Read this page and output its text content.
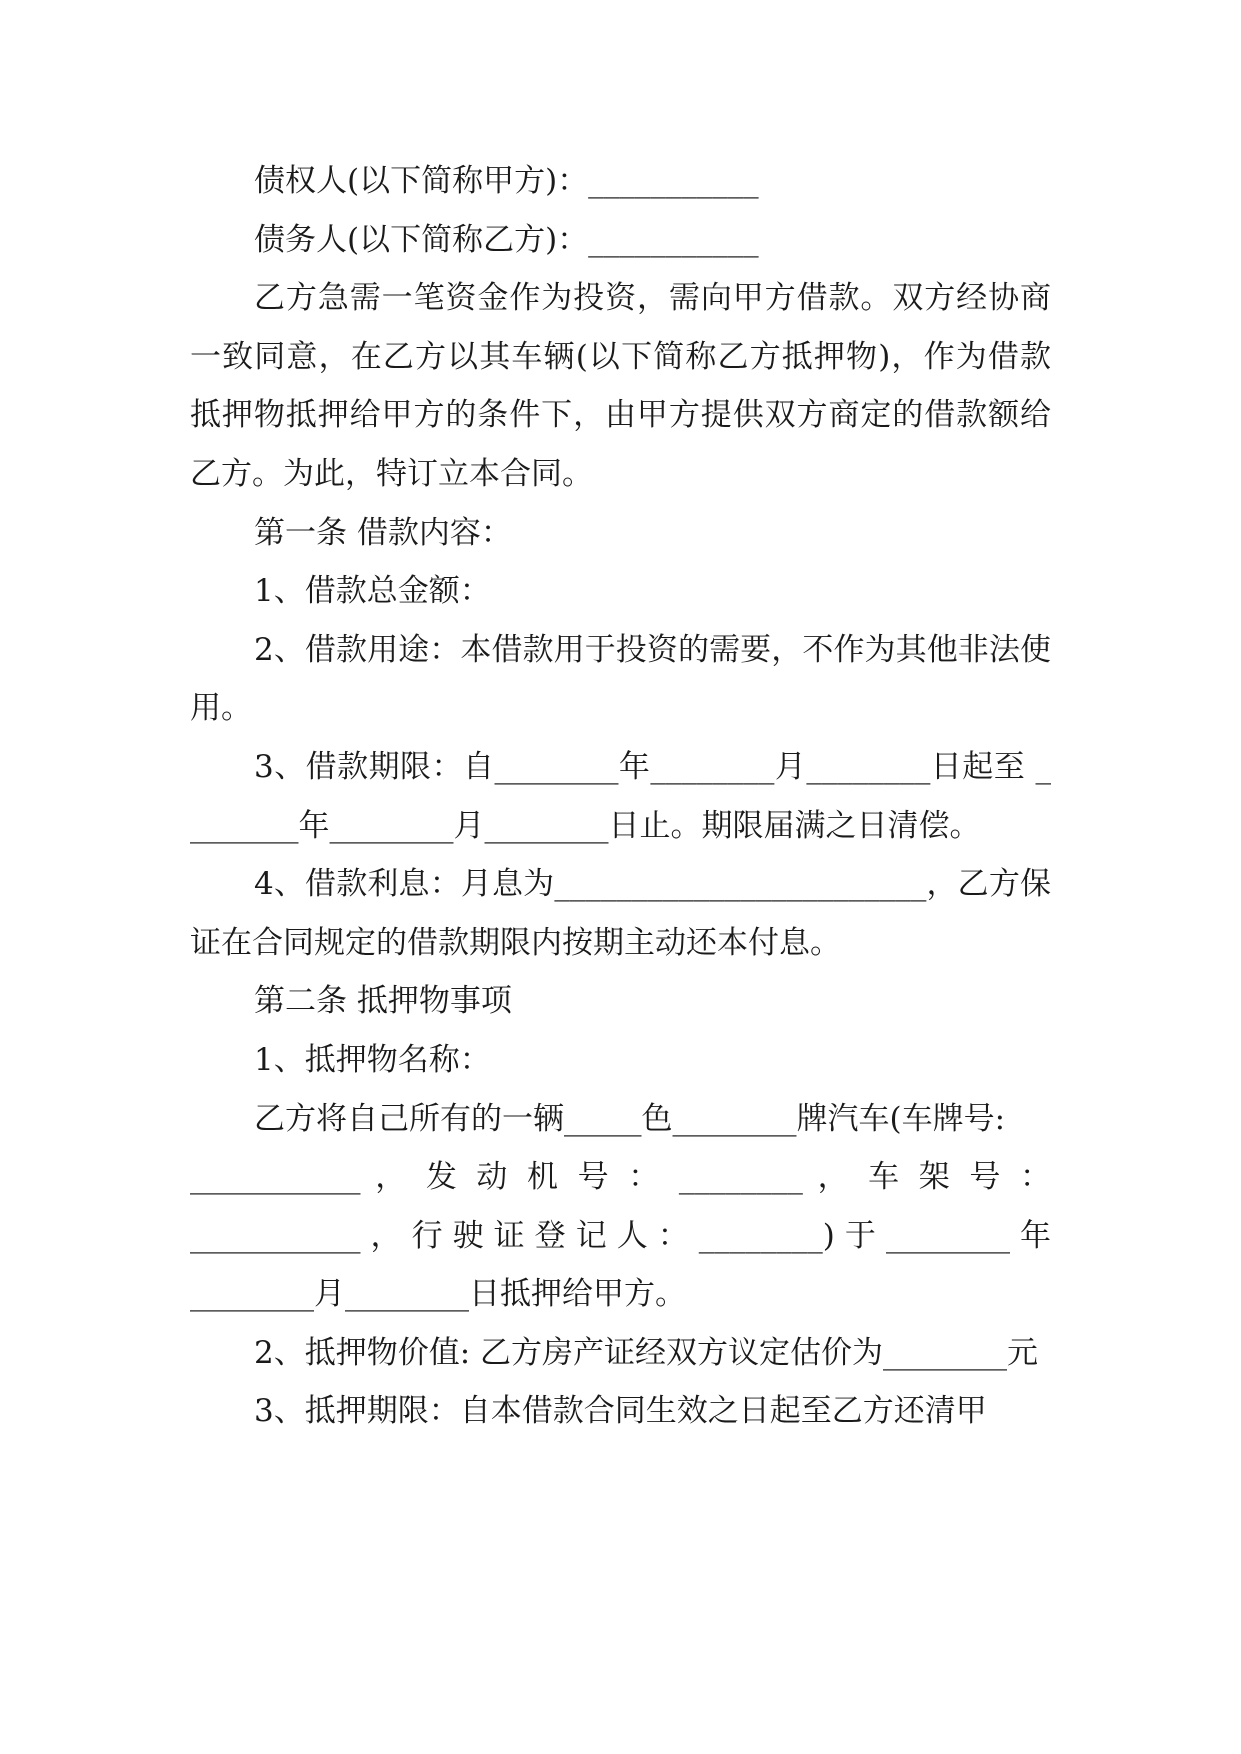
债权人(以下简称甲方)：___________

债务人(以下简称乙方)：___________

乙方急需一笔资金作为投资，需向甲方借款。双方经协商一致同意，在乙方以其车辆(以下简称乙方抵押物)，作为借款抵押物抵押给甲方的条件下，由甲方提供双方商定的借款额给乙方。为此，特订立本合同。

第一条 借款内容：

1、借款总金额：

2、借款用途：本借款用于投资的需要，不作为其他非法使用。

3、借款期限：自________年________月________日起至 ________年________月________日止。期限届满之日清偿。

4、借款利息：月息为________________________，乙方保证在合同规定的借款期限内按期主动还本付息。

第二条 抵押物事项

1、抵押物名称：

乙方将自己所有的一辆_____色________牌汽车(车牌号:
___________ ， 发 动 机 号 ： ________ ， 车 架 号 ：
___________，行驶证登记人：________)于________年
________月________日抵押给甲方。

2、抵押物价值: 乙方房产证经双方议定估价为________元

3、抵押期限：自本借款合同生效之日起至乙方还清甲
